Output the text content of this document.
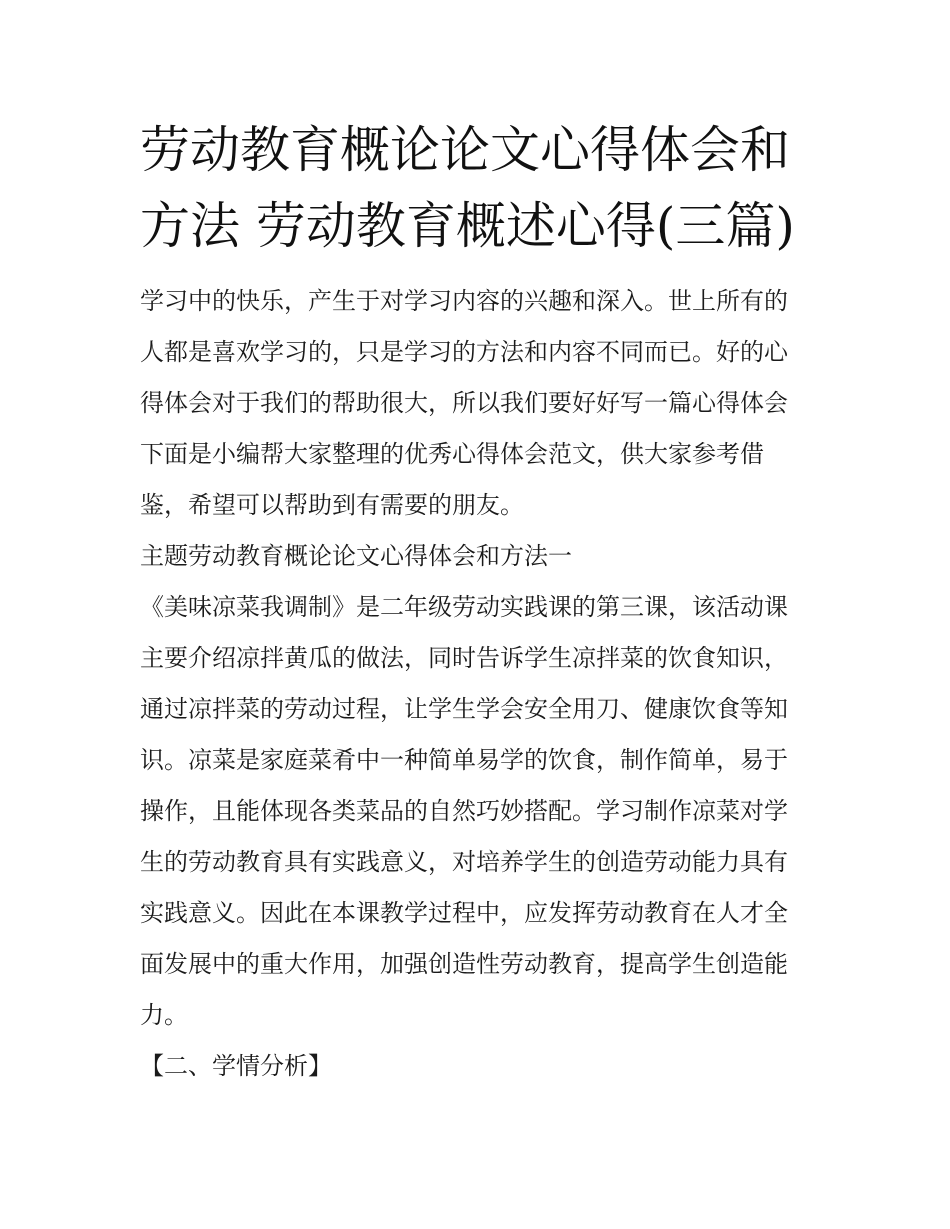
劳动教育概论论文心得体会和
方法 劳动教育概述心得(三篇)
学习中的快乐，产生于对学习内容的兴趣和深入。世上所有的
人都是喜欢学习的，只是学习的方法和内容不同而已。好的心
得体会对于我们的帮助很大，所以我们要好好写一篇心得体会
下面是小编帮大家整理的优秀心得体会范文，供大家参考借
鉴，希望可以帮助到有需要的朋友。
主题劳动教育概论论文心得体会和方法一
《美味凉菜我调制》是二年级劳动实践课的第三课，该活动课
主要介绍凉拌黄瓜的做法，同时告诉学生凉拌菜的饮食知识，
通过凉拌菜的劳动过程，让学生学会安全用刀、健康饮食等知
识。凉菜是家庭菜肴中一种简单易学的饮食，制作简单，易于
操作，且能体现各类菜品的自然巧妙搭配。学习制作凉菜对学
生的劳动教育具有实践意义，对培养学生的创造劳动能力具有
实践意义。因此在本课教学过程中，应发挥劳动教育在人才全
面发展中的重大作用，加强创造性劳动教育，提高学生创造能
力。
【二、学情分析】
